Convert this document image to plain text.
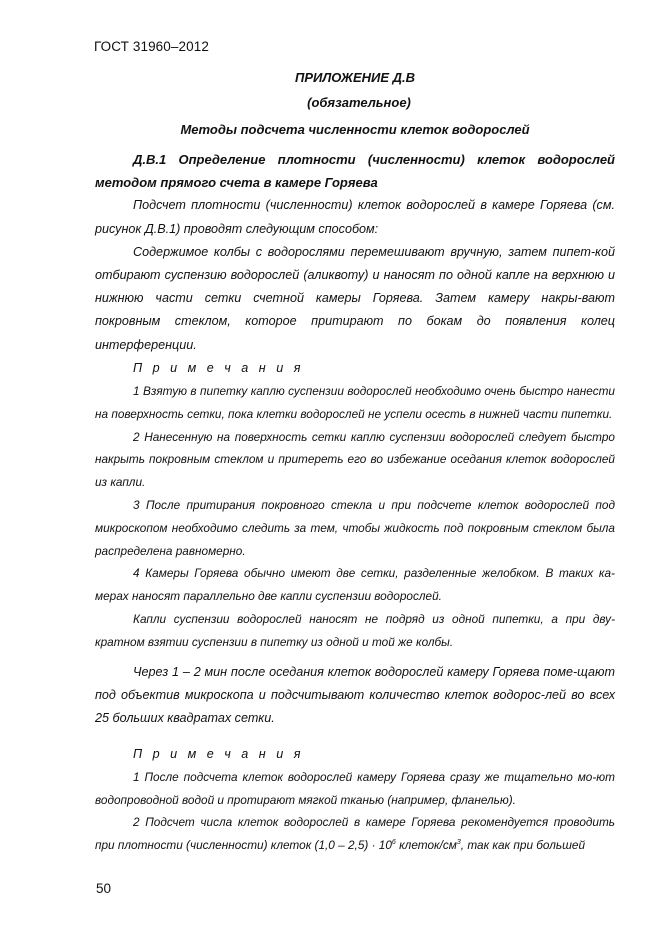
ГОСТ 31960–2012
ПРИЛОЖЕНИЕ Д.В
(обязательное)
Методы подсчета численности клеток водорослей

Д.В.1 Определение плотности (численности) клеток водорослей методом прямого счета в камере Горяева

Подсчет плотности (численности) клеток водорослей в камере Горяева (см. рисунок Д.В.1) проводят следующим способом:

Содержимое колбы с водорослями перемешивают вручную, затем пипет-кой отбирают суспензию водорослей (аликвоту) и наносят по одной капле на верхнюю и нижнюю части сетки счетной камеры Горяева. Затем камеру накры-вают покровным стеклом, которое притирают по бокам до появления колец интерференции.

П р и м е ч а н и я

1 Взятую в пипетку каплю суспензии водорослей необходимо очень быстро нанести на поверхность сетки, пока клетки водорослей не успели осесть в нижней части пипетки.

2 Нанесенную на поверхность сетки каплю суспензии водорослей следует быстро накрыть покровным стеклом и притереть его во избежание оседания клеток водорослей из капли.

3 После притирания покровного стекла и при подсчете клеток водорослей под микроскопом необходимо следить за тем, чтобы жидкость под покровным стеклом была распределена равномерно.

4 Камеры Горяева обычно имеют две сетки, разделенные желобком. В таких ка-мерах наносят параллельно две капли суспензии водорослей.

Капли суспензии водорослей наносят не подряд из одной пипетки, а при дву-кратном взятии суспензии в пипетку из одной и той же колбы.

Через 1 – 2 мин после оседания клеток водорослей камеру Горяева поме-щают под объектив микроскопа и подсчитывают количество клеток водорос-лей во всех 25 больших квадратах сетки.

П р и м е ч а н и я

1 После подсчета клеток водорослей камеру Горяева сразу же тщательно мо-ют водопроводной водой и протирают мягкой тканью (например, фланелью).

2 Подсчет числа клеток водорослей в камере Горяева рекомендуется проводить при плотности (численности) клеток $(1,0 - 2,5) \cdot 10^6$ клеток/$см^3$, так как при большей

50
